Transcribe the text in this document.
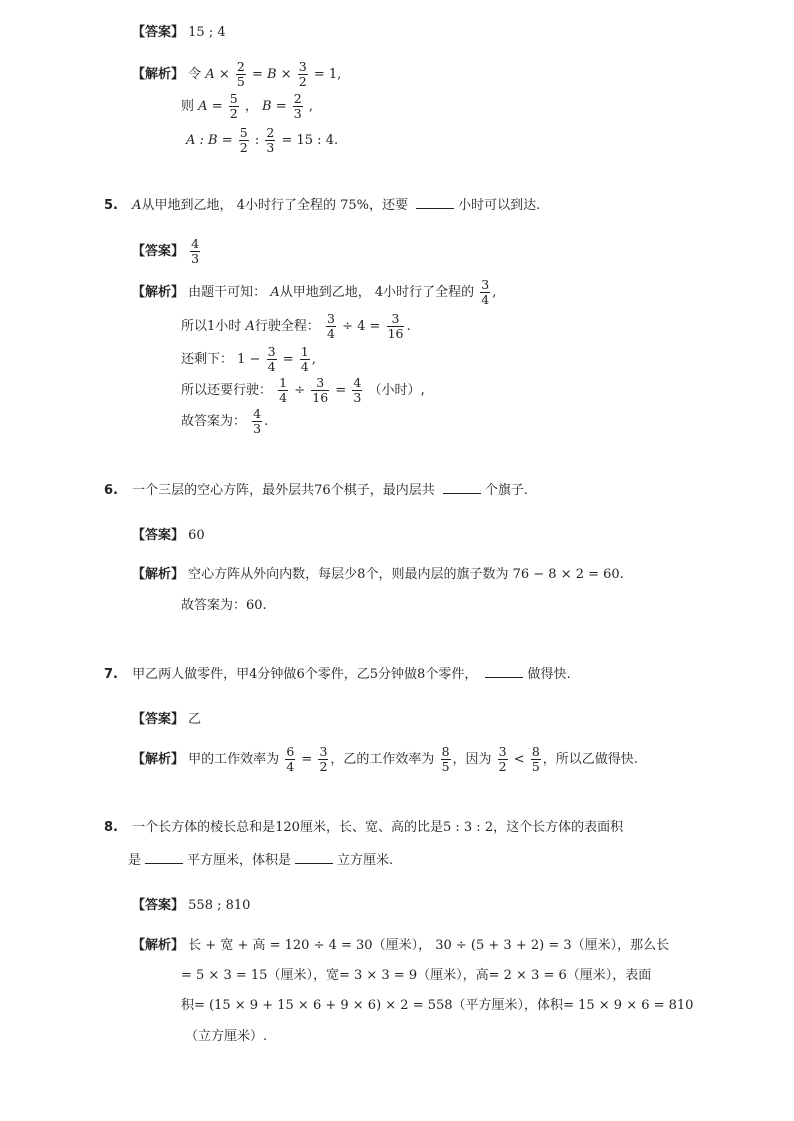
【答案】 15 ; 4
【解析】 令 $A \times \frac{2}{5} = B \times \frac{3}{2} = 1$,
则 $A = \frac{5}{2}$ ， $B = \frac{2}{3}$ ,
A : $B = \frac{5}{2}$ : $\frac{2}{3} = 15$ : 4.
5. A从甲地到乙地， 4小时行了全程的 75%，还要	小时可以到达.
【答案】 $\frac{4}{3}$
【解析】 由题干可知： A从甲地到乙地， 4小时行了全程的 $\frac{3}{4}$ ,
所以1小时 A行驶全程： $\frac{3}{4} \div 4 = \frac{3}{16}$ .
还剩下： $1 - \frac{3}{4} = \frac{1}{4}$ ,
所以还要行驶： $\frac{1}{4} \div \frac{3}{16} = \frac{4}{3}$ （小时）,
故答案为： $\frac{4}{3}$ .
6. 一个三层的空心方阵，最外层共76个棋子，最内层共	个旗子.
【答案】 60
【解析】 空心方阵从外向内数，每层少8个，则最内层的旗子数为 76 − 8 × 2 = 60.
故答案为：60.
7. 甲乙两人做零件，甲4分钟做6个零件，乙5分钟做8个零件，	做得快.
【答案】 乙
【解析】 甲的工作效率为 $\frac{6}{4} = \frac{3}{2}$ ，乙的工作效率为 $\frac{8}{5}$ ，因为 $\frac{3}{2} < \frac{8}{5}$ ，所以乙做得快.
8. 一个长方体的棱长总和是120厘米，长、宽、高的比是5 : 3 : 2，这个长方体的表面积
是	平方厘米，体积是	立方厘米.
【答案】 558 ; 810
【解析】 长 + 宽 + 高 = 120 ÷ 4 = 30（厘米）， 30 ÷ (5 + 3 + 2) = 3（厘米），那么长
= 5 × 3 = 15（厘米），宽= 3 × 3 = 9（厘米），高= 2 × 3 = 6（厘米），表面
积= (15 × 9 + 15 × 6 + 9 × 6) × 2 = 558（平方厘米），体积= 15 × 9 × 6 = 810
（立方厘米）.
